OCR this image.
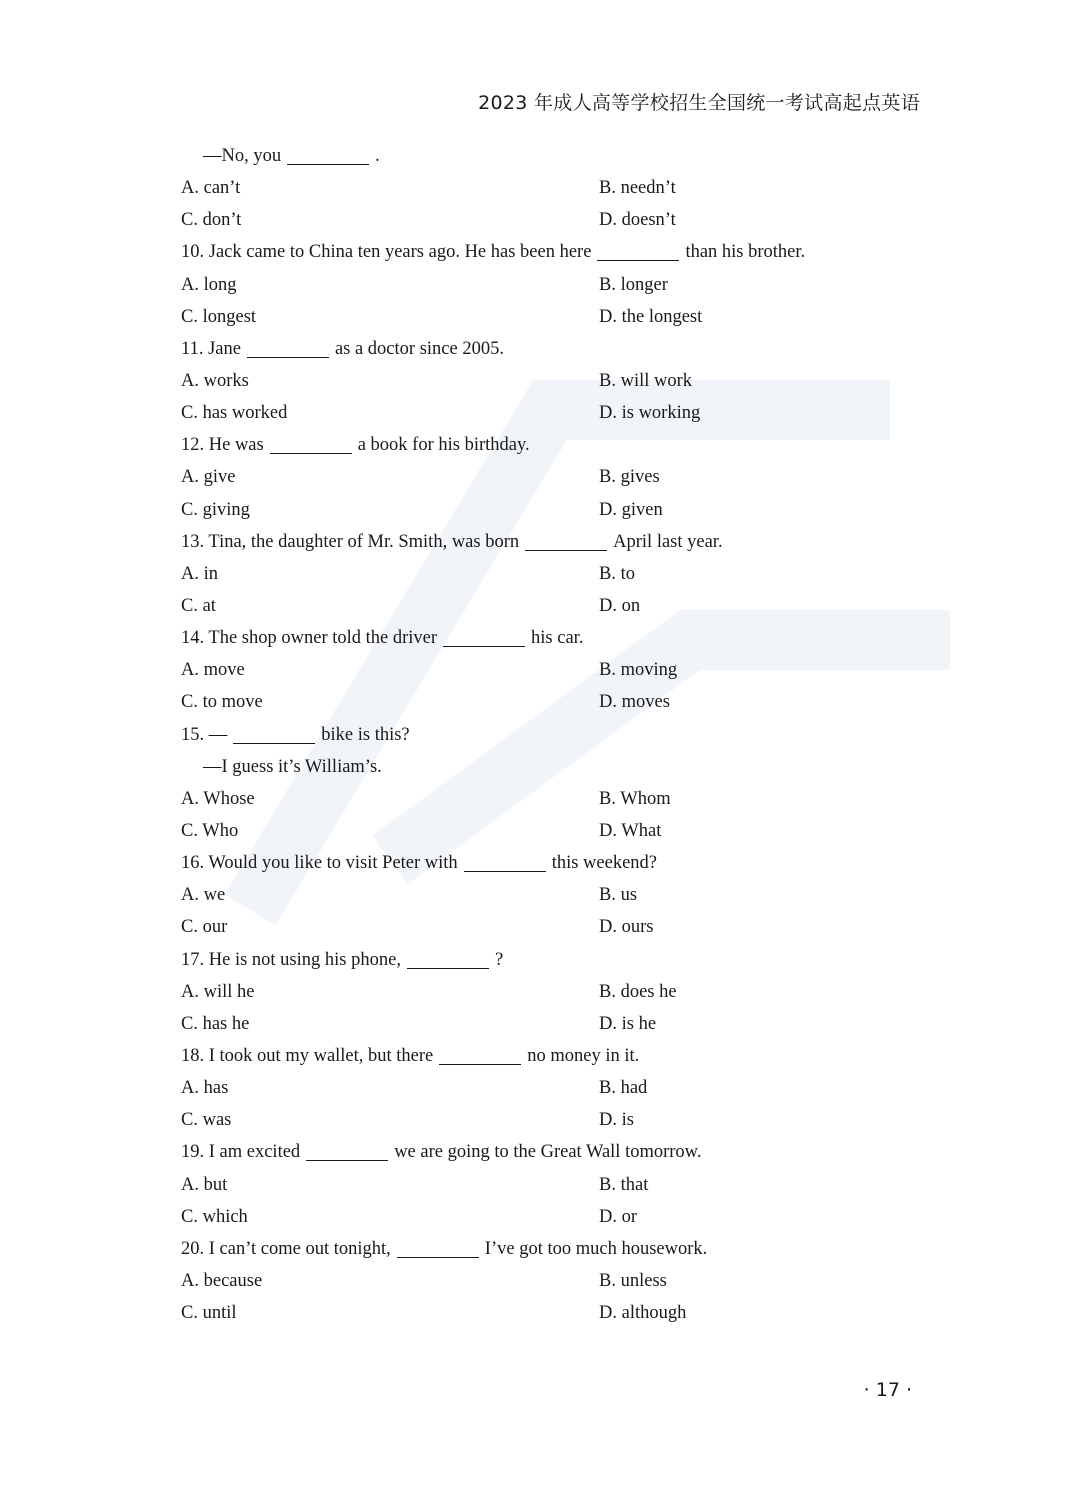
2023 年成人高等学校招生全国统一考试高起点英语
—No, you	.
A. can’t	B. needn’t
C. don’t	D. doesn’t
10. Jack came to China ten years ago. He has been here	than his brother.
A. long	B. longer
C. longest	D. the longest
11. Jane	as a doctor since 2005.
A. works	B. will work
C. has worked	D. is working
12. He was	a book for his birthday.
A. give	B. gives
C. giving	D. given
13. Tina, the daughter of Mr. Smith, was born	April last year.
A. in	B. to
C. at	D. on
14. The shop owner told the driver	his car.
A. move	B. moving
C. to move	D. moves
15. —	bike is this?
—I guess it’s William’s.
A. Whose	B. Whom
C. Who	D. What
16. Would you like to visit Peter with	this weekend?
A. we	B. us
C. our	D. ours
17. He is not using his phone,	?
A. will he	B. does he
C. has he	D. is he
18. I took out my wallet, but there	no money in it.
A. has	B. had
C. was	D. is
19. I am excited	we are going to the Great Wall tomorrow.
A. but	B. that
C. which	D. or
20. I can’t come out tonight,	I’ve got too much housework.
A. because	B. unless
C. until	D. although
· 17 ·
